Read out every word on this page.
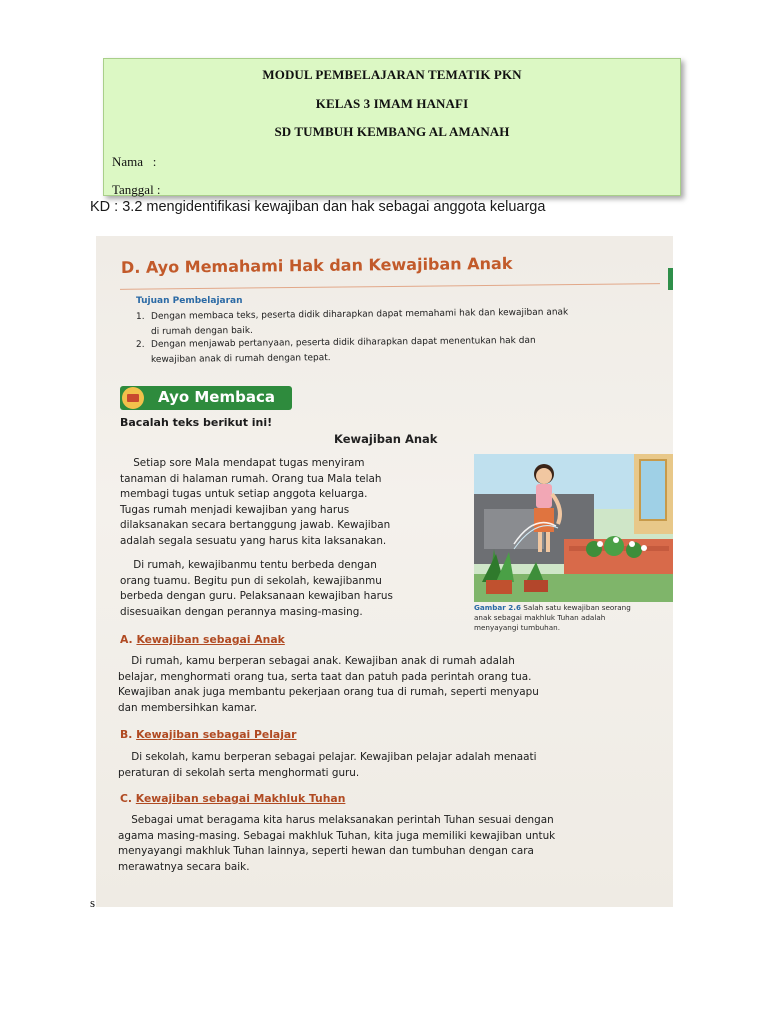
MODUL PEMBELAJARAN TEMATIK PKN
KELAS 3 IMAM HANAFI
SD TUMBUH KEMBANG AL AMANAH
Nama   :
Tanggal :
KD : 3.2 mengidentifikasi kewajiban dan hak sebagai anggota keluarga
D. Ayo Memahami Hak dan Kewajiban Anak
Tujuan Pembelajaran
1. Dengan membaca teks, peserta didik diharapkan dapat memahami hak dan kewajiban anak
di rumah dengan baik.
2. Dengan menjawab pertanyaan, peserta didik diharapkan dapat menentukan hak dan
kewajiban anak di rumah dengan tepat.
Ayo Membaca
Bacalah teks berikut ini!
Kewajiban Anak
Setiap sore Mala mendapat tugas menyiram
tanaman di halaman rumah. Orang tua Mala telah
membagi tugas untuk setiap anggota keluarga.
Tugas rumah menjadi kewajiban yang harus
dilaksanakan secara bertanggung jawab. Kewajiban
adalah segala sesuatu yang harus kita laksanakan.
Di rumah, kewajibanmu tentu berbeda dengan
orang tuamu. Begitu pun di sekolah, kewajibanmu
berbeda dengan guru. Pelaksanaan kewajiban harus
disesuaikan dengan perannya masing-masing.	Gambar 2.6 Salah satu kewajiban seorang
anak sebagai makhluk Tuhan adalah
menyayangi tumbuhan.
A. Kewajiban sebagai Anak
Di rumah, kamu berperan sebagai anak. Kewajiban anak di rumah adalah
belajar, menghormati orang tua, serta taat dan patuh pada perintah orang tua.
Kewajiban anak juga membantu pekerjaan orang tua di rumah, seperti menyapu
dan membersihkan kamar.
B. Kewajiban sebagai Pelajar
Di sekolah, kamu berperan sebagai pelajar. Kewajiban pelajar adalah menaati
peraturan di sekolah serta menghormati guru.
C. Kewajiban sebagai Makhluk Tuhan
Sebagai umat beragama kita harus melaksanakan perintah Tuhan sesuai dengan
agama masing-masing. Sebagai makhluk Tuhan, kita juga memiliki kewajiban untuk
menyayangi makhluk Tuhan lainnya, seperti hewan dan tumbuhan dengan cara
merawatnya secara baik.
s
